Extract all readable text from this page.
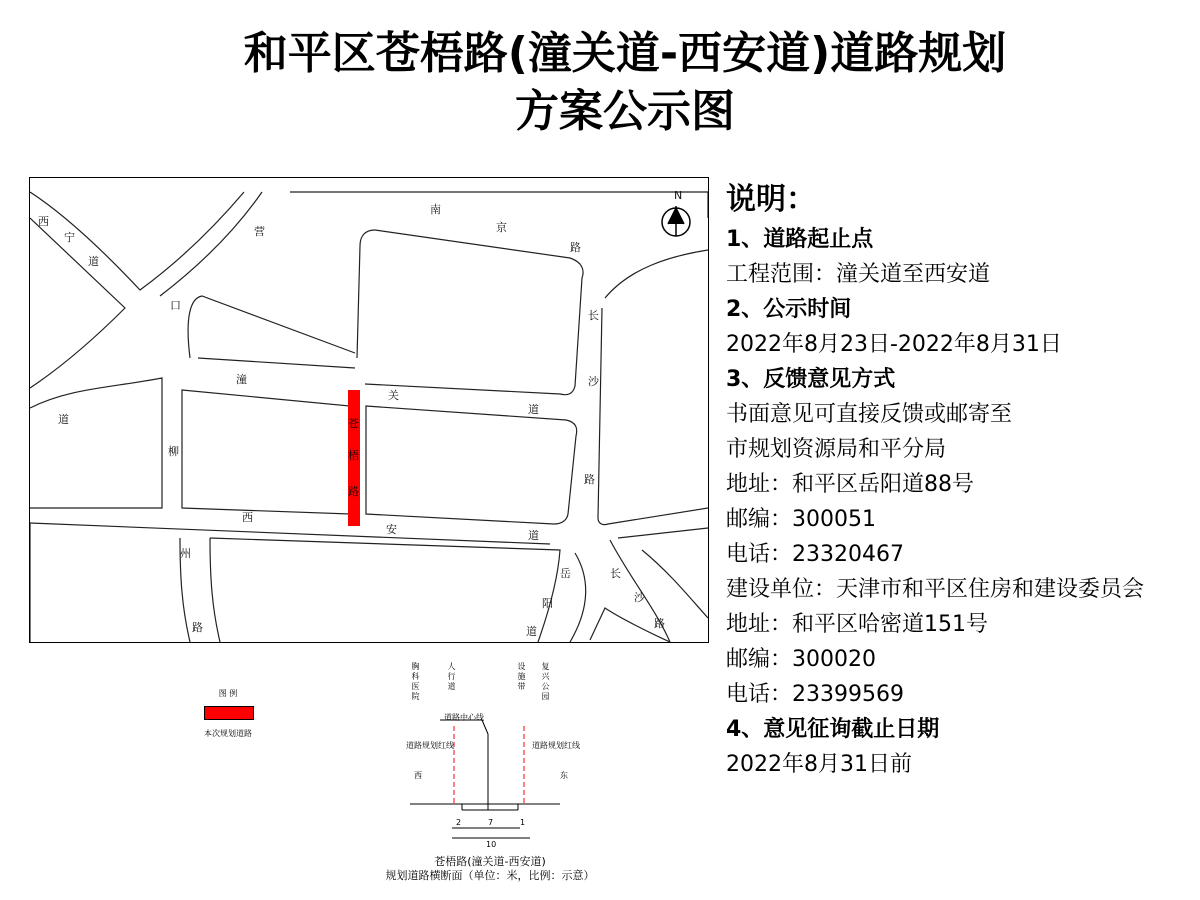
和平区苍梧路(潼关道-西安道)道路规划
方案公示图
N
西
宁
道
营
口
道
南
京
路
长
沙
路
潼
关
道
柳
州
路
西
安	道
岳
阳
道
长
沙
路
苍
梧
路
说明：
1、道路起止点
工程范围：潼关道至西安道
2、公示时间
2022年8月23日-2022年8月31日
3、反馈意见方式
书面意见可直接反馈或邮寄至
市规划资源局和平分局
地址：和平区岳阳道88号
邮编：300051
电话：23320467
建设单位：天津市和平区住房和建设委员会
地址：和平区哈密道151号
邮编：300020
电话：23399569
4、意见征询截止日期
2022年8月31日前
图 例
本次规划道路
胸科医院	人行道	设施带 复兴公园
道路中心线
道路规划红线	道路规划红线
西	东
2	7	1
10
苍梧路(潼关道-西安道)
规划道路横断面（单位：米，比例：示意）
